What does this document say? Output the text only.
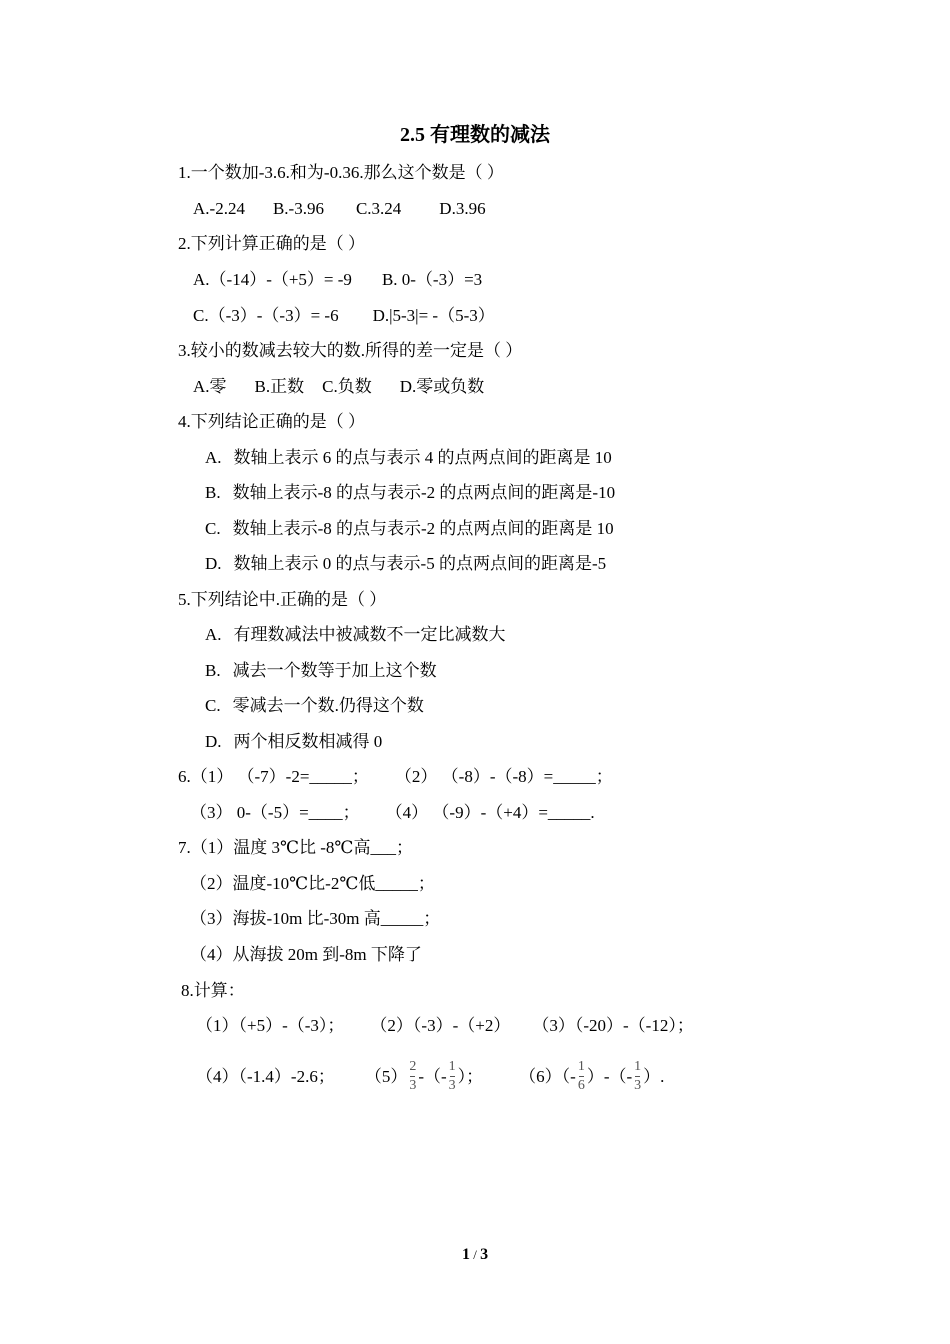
2.5 有理数的减法
1.一个数加-3.6.和为-0.36.那么这个数是（ ）
A.-2.24 B.-3.96 C.3.24 D.3.96
2.下列计算正确的是（ ）
A.（-14）-（+5）= -9 B. 0-（-3）=3
C.（-3）-（-3）= -6 D.|5-3|= -（5-3）
3.较小的数减去较大的数.所得的差一定是（ ）
A.零 B.正数 C.负数 D.零或负数
4.下列结论正确的是（ ）
A. 数轴上表示 6 的点与表示 4 的点两点间的距离是 10
B. 数轴上表示-8 的点与表示-2 的点两点间的距离是-10
C. 数轴上表示-8 的点与表示-2 的点两点间的距离是 10
D. 数轴上表示 0 的点与表示-5 的点两点间的距离是-5
5.下列结论中.正确的是（ ）
A. 有理数减法中被减数不一定比减数大
B. 减去一个数等于加上这个数
C. 零减去一个数.仍得这个数
D. 两个相反数相减得 0
6.（1） （-7）-2=_____； （2） （-8）-（-8）=_____；
（3） 0-（-5）=____； （4） （-9）-（+4）=_____.
7.（1）温度 3℃比 -8℃高___；
（2）温度-10℃比-2℃低_____；
（3）海拔-10m 比-30m 高_____；
（4）从海拔 20m 到-8m 下降了
8.计算：
（1）（+5）-（-3）； （2）（-3）-（+2） （3）（-20）-（-12）；
（4）（-1.4）-2.6； $(5) \frac{2}{3}$ -（- $\frac{1}{3}$ ）； $(6)(- \frac{1}{6}$ ）-（- $\frac{1}{3}$ ）.
1 / 3
